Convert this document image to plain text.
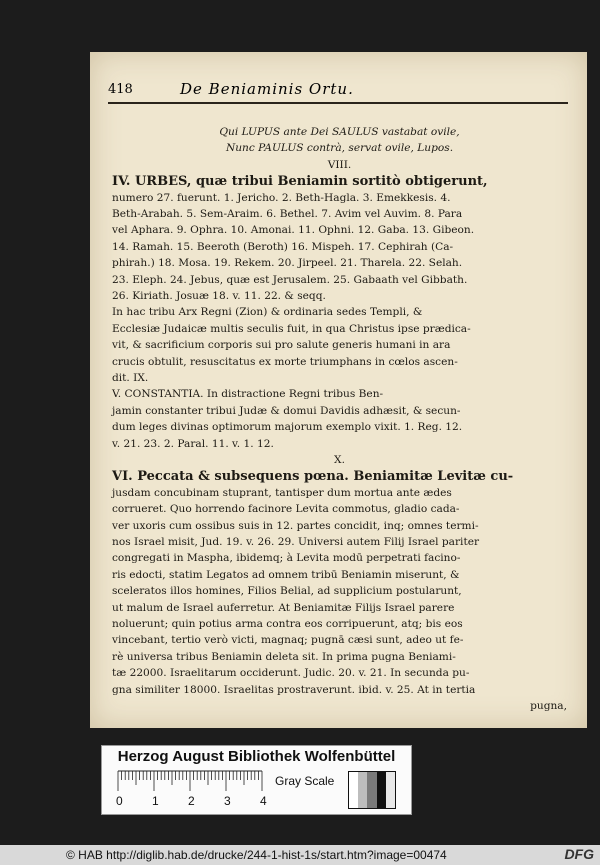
418	De Beniaminis Ortu.
Qui LUPUS ante Dei SAULUS vastabat ovile,
Nunc PAULUS contrà, servat ovile, Lupos.
VIII.
IV. URBES, quæ tribui Beniamin sortitò obtigerunt,
numero 27. fuerunt. 1. Jericho. 2. Beth-Hagla. 3. Emekkesis. 4.
Beth-Arabah. 5. Sem-Araim. 6. Bethel. 7. Avim vel Auvim. 8. Para
vel Aphara. 9. Ophra. 10. Amonai. 11. Ophni. 12. Gaba. 13. Gibeon.
14. Ramah. 15. Beeroth (Beroth) 16. Mispeh. 17. Cephirah (Ca-
phirah.) 18. Mosa. 19. Rekem. 20. Jirpeel. 21. Tharela. 22. Selah.
23. Eleph. 24. Jebus, quæ est Jerusalem. 25. Gabaath vel Gibbath.
26. Kiriath. Josuæ 18. v. 11. 22. & seqq.
In hac tribu Arx Regni (Zion) & ordinaria sedes Templi, &
Ecclesiæ Judaicæ multis seculis fuit, in qua Christus ipse prædica-
vit, & sacrificium corporis sui pro salute generis humani in ara
crucis obtulit, resuscitatus ex morte triumphans in cœlos ascen-
dit. IX.
V. CONSTANTIA. In distractione Regni tribus Ben-
jamin constanter tribui Judæ & domui Davidis adhæsit, & secun-
dum leges divinas optimorum majorum exemplo vixit. 1. Reg. 12.
v. 21. 23. 2. Paral. 11. v. 1. 12.
X.
VI. Peccata & subsequens pœna. Beniamitæ Levitæ cu-
jusdam concubinam stuprant, tantisper dum mortua ante ædes
corrueret. Quo horrendo facinore Levita commotus, gladio cada-
ver uxoris cum ossibus suis in 12. partes concidit, inq; omnes termi-
nos Israel misit, Jud. 19. v. 26. 29. Universi autem Filij Israel pariter
congregati in Maspha, ibidemq; à Levita modū perpetrati facino-
ris edocti, statim Legatos ad omnem tribū Beniamin miserunt, &
sceleratos illos homines, Filios Belial, ad supplicium postularunt,
ut malum de Israel auferretur. At Beniamitæ Filijs Israel parere
noluerunt; quin potius arma contra eos corripuerunt, atq; bis eos
vincebant, tertio verò victi, magnaq; pugnā cæsi sunt, adeo ut fe-
rè universa tribus Beniamin deleta sit. In prima pugna Beniami-
tæ 22000. Israelitarum occiderunt. Judic. 20. v. 21. In secunda pu-
gna similiter 18000. Israelitas prostraverunt. ibid. v. 25. At in tertia
pugna,
Herzog August Bibliothek Wolfenbüttel
Gray Scale
0 1 2 3 4
© HAB http://diglib.hab.de/drucke/244-1-hist-1s/start.htm?image=00474	DFG
